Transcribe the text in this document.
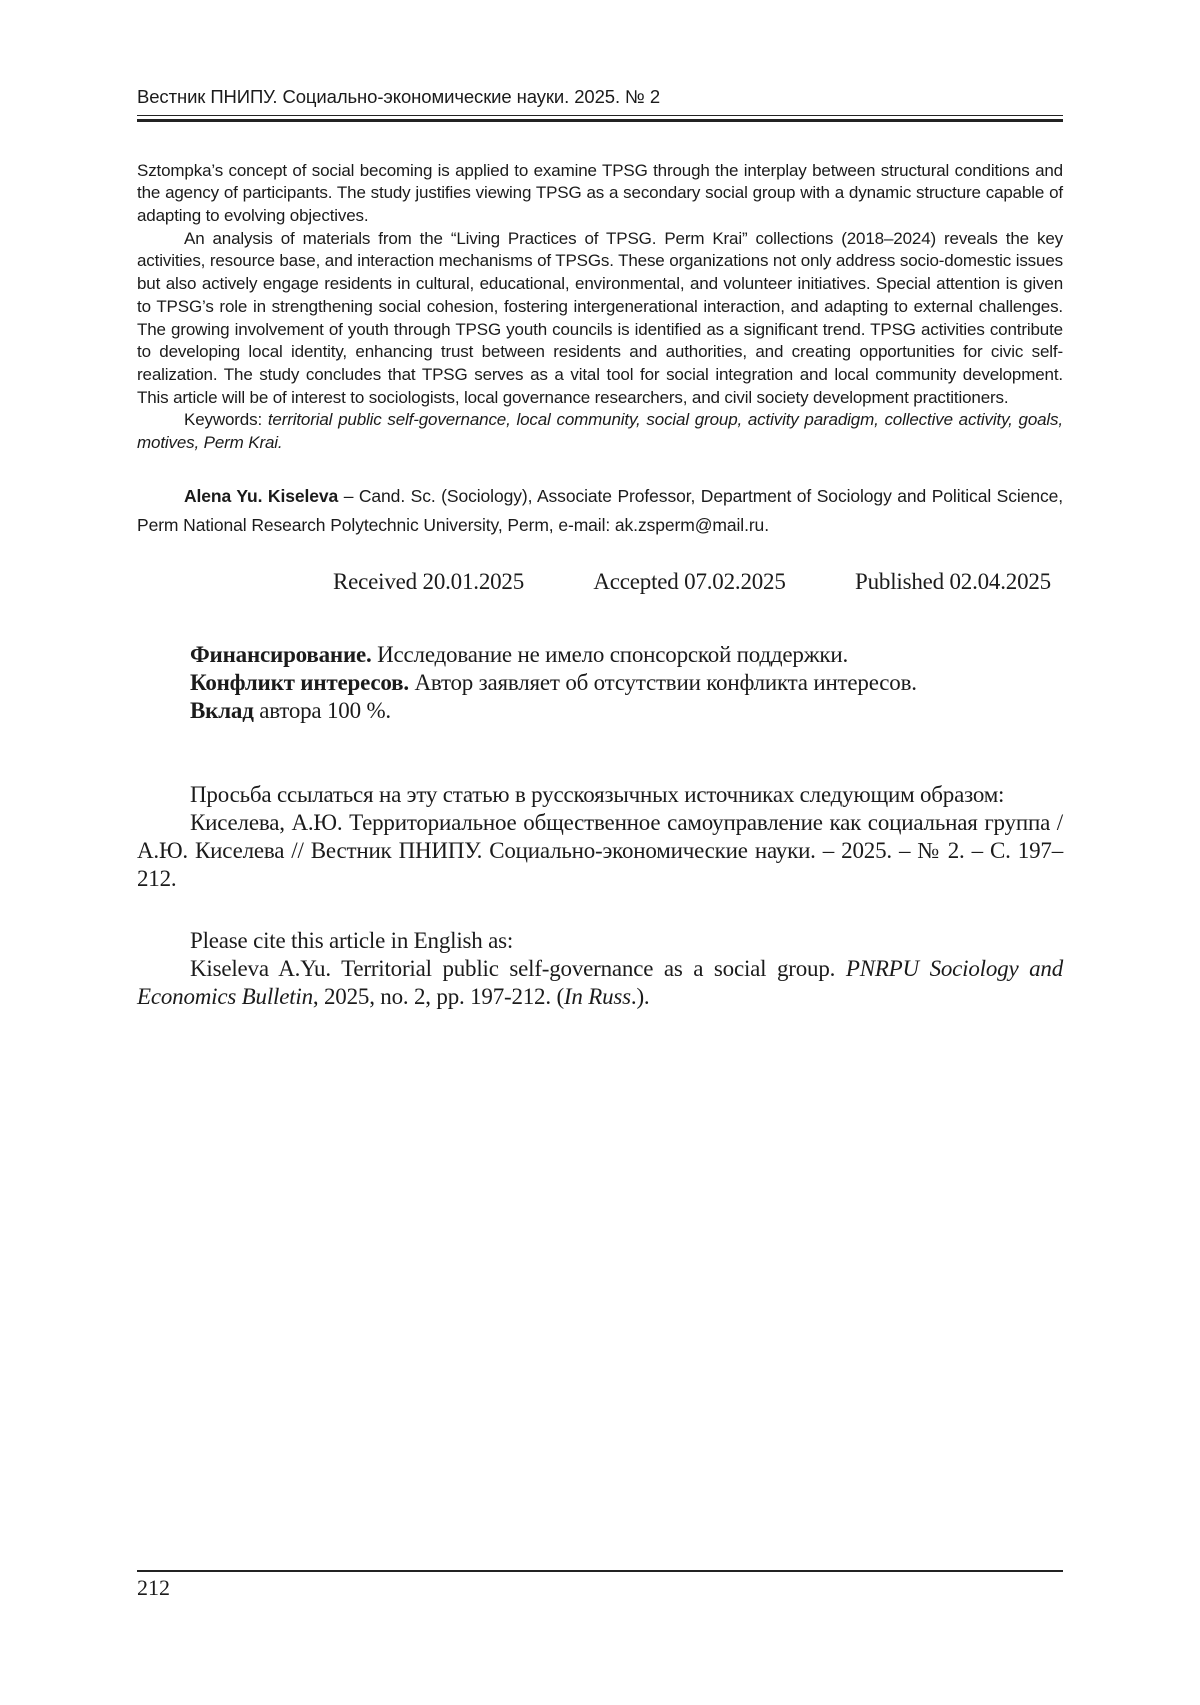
Вестник ПНИПУ. Социально-экономические науки. 2025. № 2

Sztompka’s concept of social becoming is applied to examine TPSG through the interplay between structural conditions and the agency of participants. The study justifies viewing TPSG as a secondary social group with a dynamic structure capable of adapting to evolving objectives.

An analysis of materials from the “Living Practices of TPSG. Perm Krai” collections (2018–2024) reveals the key activities, resource base, and interaction mechanisms of TPSGs. These organizations not only address socio-domestic issues but also actively engage residents in cultural, educational, environmental, and volunteer initiatives. Special attention is given to TPSG’s role in strengthening social cohesion, fostering intergenerational interaction, and adapting to external challenges. The growing involvement of youth through TPSG youth councils is identified as a significant trend. TPSG activities contribute to developing local identity, enhancing trust between residents and authorities, and creating opportunities for civic self-realization. The study concludes that TPSG serves as a vital tool for social integration and local community development. This article will be of interest to sociologists, local governance researchers, and civil society development practitioners.

Keywords: territorial public self-governance, local community, social group, activity paradigm, collective activity, goals, motives, Perm Krai.

Alena Yu. Kiseleva – Cand. Sc. (Sociology), Associate Professor, Department of Sociology and Political Science, Perm National Research Polytechnic University, Perm, e-mail: ak.zsperm@mail.ru.

Received 20.01.2025	Accepted 07.02.2025	Published 02.04.2025

Финансирование. Исследование не имело спонсорской поддержки.

Конфликт интересов. Автор заявляет об отсутствии конфликта интересов.

Вклад автора 100 %.

Просьба ссылаться на эту статью в русскоязычных источниках следующим образом:

Киселева, А.Ю. Территориальное общественное самоуправление как социальная группа / А.Ю. Киселева // Вестник ПНИПУ. Социально-экономические науки. – 2025. – № 2. – С. 197–212.

Please cite this article in English as:

Kiseleva A.Yu. Territorial public self-governance as a social group. PNRPU Sociology and Economics Bulletin, 2025, no. 2, pp. 197-212. (In Russ.).

212
